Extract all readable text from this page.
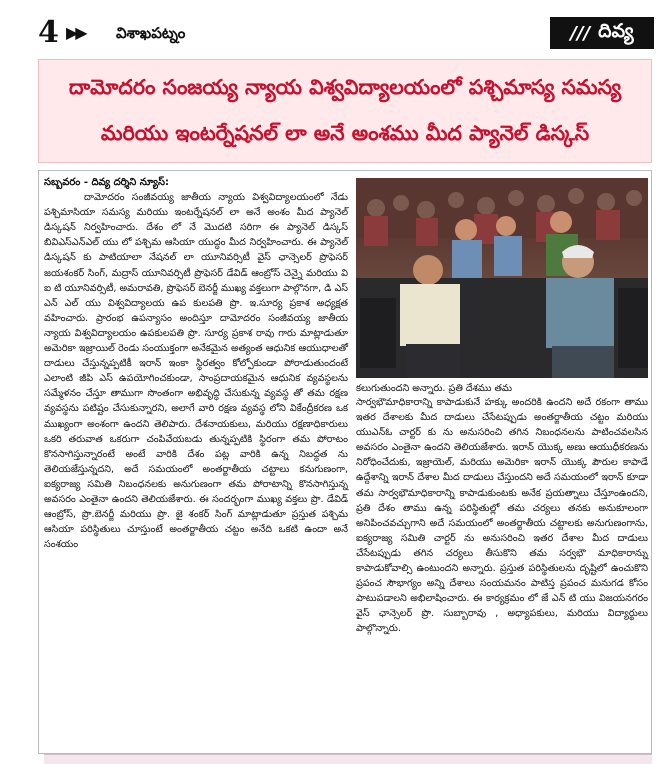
4 ▶▶ విశాఖపట్నం	/// దివ్య
దామోదరం సంజయ్య న్యాయ విశ్వవిద్యాలయంలో పశ్చిమాస్య సమస్య
మరియు ఇంటర్నేషనల్ లా అనే అంశము మీద ప్యానెల్ డిస్కస్
సబ్బవరం - దివ్య దర్శిని న్యూస్:
దామోదరం సంజీవయ్య జాతీయ న్యాయ విశ్వవిద్యాలయంలో నేడు పశ్చిమాసియా సమస్య మరియు ఇంటర్నేషనల్ లా అనే అంశం మీద ప్యానెల్ డిస్కషన్ నిర్వహించారు. దేశం లో నే మొదటి సరిగా ఈ ప్యానెల్ డిస్కస్ బివిఎస్ఎన్ఎల్ యు లో పశ్చిమ ఆసియా యుద్ధం మీద నిర్వహించారు. ఈ ప్యానెల్ డిస్కషన్ కు పాటియాలా నేషనల్ లా యూనివర్సిటీ వైస్ ఛాన్సెలర్ ప్రొఫెసర్ జయశంకర్ సింగ్, మద్రాస్ యూనివర్సిటీ ప్రొఫెసర్ డేవిడ్ ఆంబ్రోస్ చెన్నై మరియు వి ఐ టి యూనివర్సిటీ, అమరావతి, ప్రొఫెసర్ బెనర్జీ ముఖ్య వక్తలుగా పాల్గొనగా, డి ఎస్ ఎన్ ఎల్ యు విశ్వవిద్యాలయ ఉప కులపతి ప్రొ. ఇ.సూర్య ప్రకాశ అధ్యక్షత వహించారు. ప్రారంభ ఉపన్యాసం అందిస్తూ దామోదరం సంజీవయ్య జాతీయ న్యాయ విశ్వవిద్యాలయం ఉపకులపతి ప్రొ. సూర్య ప్రకాశ రావు గారు మాట్లాడుతూ అమెరికా ఇజ్రాయిల్ రెండు సంయుక్తంగా అనేకమైన అత్యంత ఆధునిక ఆయుధాలతో దాడులు చేస్తున్నప్పటికీ ఇరాన్ ఇంకా స్థిరత్వం కోల్పోకుండా పోరాడుతుందంటే ఎలాంటి జీపి ఎస్ ఉపయోగించకుండా, సాంప్రదాయకమైన ఆధునిక వ్యవస్థలను సమ్మేళనం చేస్తూ తాముగా సొంతంగా అభివృద్ధి చేసుకున్న వ్యవస్థ తో తమ రక్షణ వ్యవస్థను పటిష్టం చేసుకున్నారని, అలాగే వారి రక్షణ వ్యవస్థ లోని వికేంద్రీకరణ ఒక ముఖ్యంగా అంశంగా ఉందని తెలిపారు. దేశనాయకులు, మరియు రక్షణాధికారులు ఒకరి తరువాత ఒకరుగా చంపివేయబడు తున్నప్పటికి స్థిరంగా తమ పోరాటం కొనసాగిస్తున్నారంటే అంటే వారికి దేశం పట్ల వారికి ఉన్న నిబద్ధత ను తెలియజేస్తున్నదని, అదే సమయంలో అంతర్జాతీయ చట్టాలు కనుగుణంగా, ఐక్యరాజ్య సమితి నిబంధనలకు అనుగుణంగా తమ పోరాటాన్ని కొనసాగిస్తున్న అవసరం ఎంతైనా ఉందని తెలియజేశారు. ఈ సందర్భంగా ముఖ్య వక్తలు ప్రొ. డేవిడ్ ఆంబ్రోస్, ప్రొ.బెనర్జీ మరియు ప్రొ. జై శంకర్ సింగ్ మాట్లాడుతూ ప్రస్తుత పశ్చిమ ఆసియా పరిస్థితులు చూస్తుంటే అంతర్జాతీయ చట్టం అనేది ఒకటి ఉందా అనే సంశయం
కలుగుతుందని అన్నారు. ప్రతి దేశము తమ
సార్వభౌమాధికారాన్ని కాపాడుకునే హక్కు అందరికి ఉందని అదే రకంగా తాము ఇతర దేశాలకు మీద దాడులు చేసేటప్పుడు అంతర్జాతీయ చట్టం మరియు యుఎన్ఓ చార్టర్ కు ను అనుసరించి తగిన నిబంధనలను పాటించవలసిన అవసరం ఎంతైనా ఉందని తెలియజేశారు. ఇరాన్ యొక్క అణు ఆయుధీకరణను నిరోధించేదుకు, ఇజ్రాయెల్, మరియు అమెరికా ఇరాన్ యొక్క పౌరుల కాపాడే ఉద్దేశాన్ని ఇరాన్ దేశాల మీద దాడులు చేస్తుందని అదే సమయంలో ఇరాన్ కూడా తమ సార్వభౌమాధికారాన్ని కాపాడుకుంటకు అనేక ప్రయత్నాలు చేస్తూంఉందని, ప్రతి దేశం తాము ఉన్న పరిస్థితుల్లో తమ చర్యలు తనకు అనుకూలంగా అనిపించవచ్చుగాని అదే సమయంలో అంతర్జాతీయ చట్టాలకు అనుగుణంగాను, ఐక్యరాజ్య సమితి చార్టర్ ను అనుసరించి ఇతర దేశాల మీద దాడులు చేసేటప్పుడు తగిన చర్యలు తీసుకొని తమ సర్వభౌ మాధికారాన్ను కాపాడుకోవాల్సి ఉంటుందని అన్నారు. ప్రస్తుత పరిస్థితులను దృష్టిలో ఉంచుకొని ప్రపంచ సౌభాగ్యం అన్ని దేశాలు సంయమనం పాటిస్త ప్రపంచ మనుగడ కోసం పాటుపడాలని అభిలాషించారు. ఈ కార్యక్రమం లో జే ఎన్ టి యు విజయనగరం వైస్ ఛాన్సెలర్ ప్రొ. సుబ్బారావు , అధ్యాపకులు, మరియు విద్యార్థులు పాల్గొన్నారు.
